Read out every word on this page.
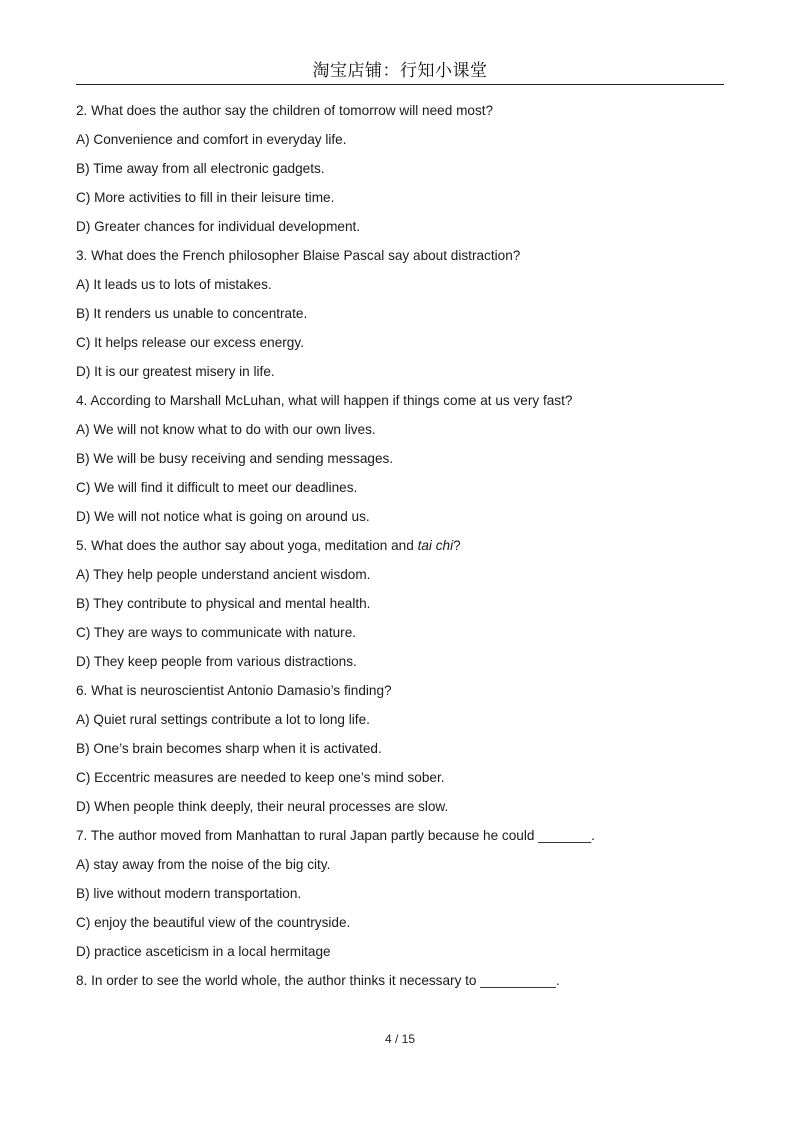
淘宝店铺：行知小课堂
2. What does the author say the children of tomorrow will need most?
A) Convenience and comfort in everyday life.
B) Time away from all electronic gadgets.
C) More activities to fill in their leisure time.
D) Greater chances for individual development.
3. What does the French philosopher Blaise Pascal say about distraction?
A) It leads us to lots of mistakes.
B) It renders us unable to concentrate.
C) It helps release our excess energy.
D) It is our greatest misery in life.
4. According to Marshall McLuhan, what will happen if things come at us very fast?
A) We will not know what to do with our own lives.
B) We will be busy receiving and sending messages.
C) We will find it difficult to meet our deadlines.
D) We will not notice what is going on around us.
5. What does the author say about yoga, meditation and tai chi?
A) They help people understand ancient wisdom.
B) They contribute to physical and mental health.
C) They are ways to communicate with nature.
D) They keep people from various distractions.
6. What is neuroscientist Antonio Damasio’s finding?
A) Quiet rural settings contribute a lot to long life.
B) One’s brain becomes sharp when it is activated.
C) Eccentric measures are needed to keep one’s mind sober.
D) When people think deeply, their neural processes are slow.
7. The author moved from Manhattan to rural Japan partly because he could _______.
A) stay away from the noise of the big city.
B) live without modern transportation.
C) enjoy the beautiful view of the countryside.
D) practice asceticism in a local hermitage
8. In order to see the world whole, the author thinks it necessary to __________.
4 / 15
